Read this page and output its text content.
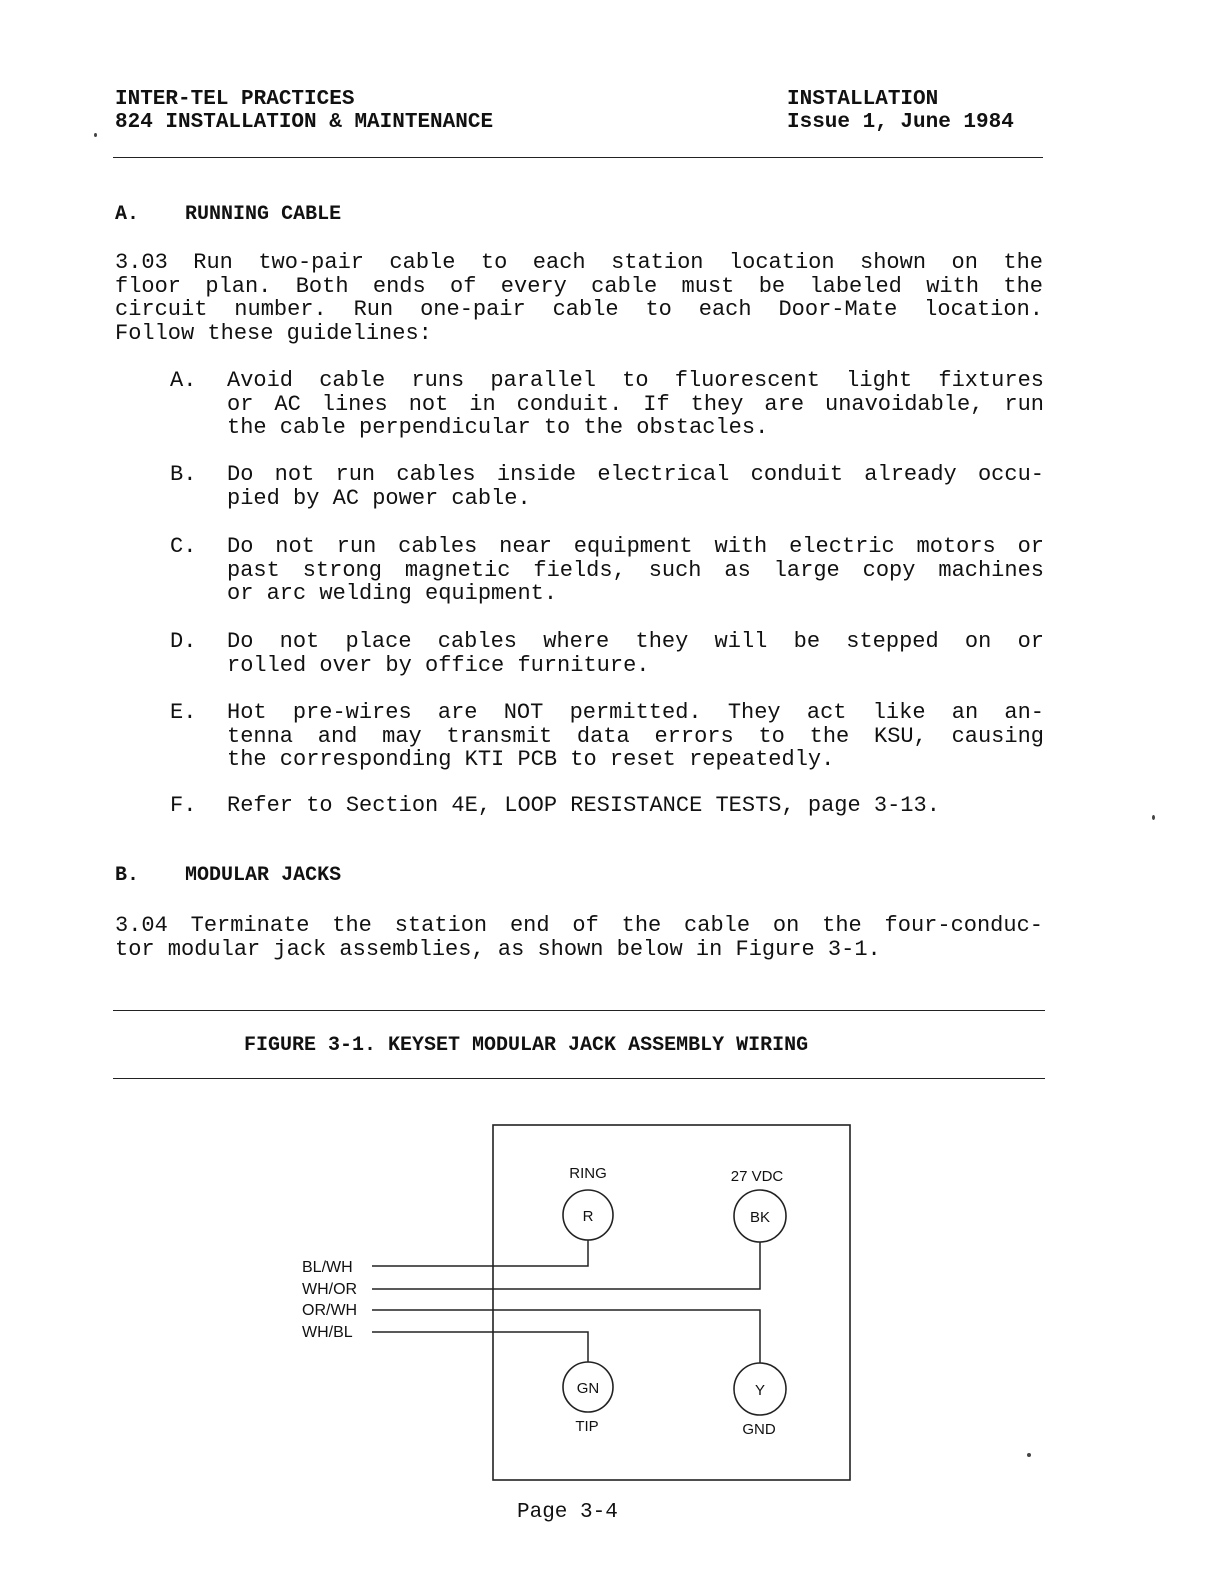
INTER-TEL PRACTICES
824 INSTALLATION & MAINTENANCE
INSTALLATION
Issue 1, June 1984
A. RUNNING CABLE
3.03 Run two-pair cable to each station location shown on the
floor plan. Both ends of every cable must be labeled with the
circuit number. Run one-pair cable to each Door-Mate location.
Follow these guidelines:
A.	Avoid cable runs parallel to fluorescent light fixtures
or AC lines not in conduit. If they are unavoidable, run
the cable perpendicular to the obstacles.
B.	Do not run cables inside electrical conduit already occu-
pied by AC power cable.
C.	Do not run cables near equipment with electric motors or
past strong magnetic fields, such as large copy machines
or arc welding equipment.
D.	Do not place cables where they will be stepped on or
rolled over by office furniture.
E.	Hot pre-wires are NOT permitted. They act like an an-
tenna and may transmit data errors to the KSU, causing
the corresponding KTI PCB to reset repeatedly.
F.	Refer to Section 4E, LOOP RESISTANCE TESTS, page 3-13.
B. MODULAR JACKS
3.04 Terminate the station end of the cable on the four-conduc-
tor modular jack assemblies, as shown below in Figure 3-1.
FIGURE 3-1. KEYSET MODULAR JACK ASSEMBLY WIRING
BL/WH
WH/OR
OR/WH
WH/BL
RING
R
27 VDC
BK
GN
TIP
Y
GND
Page 3-4
